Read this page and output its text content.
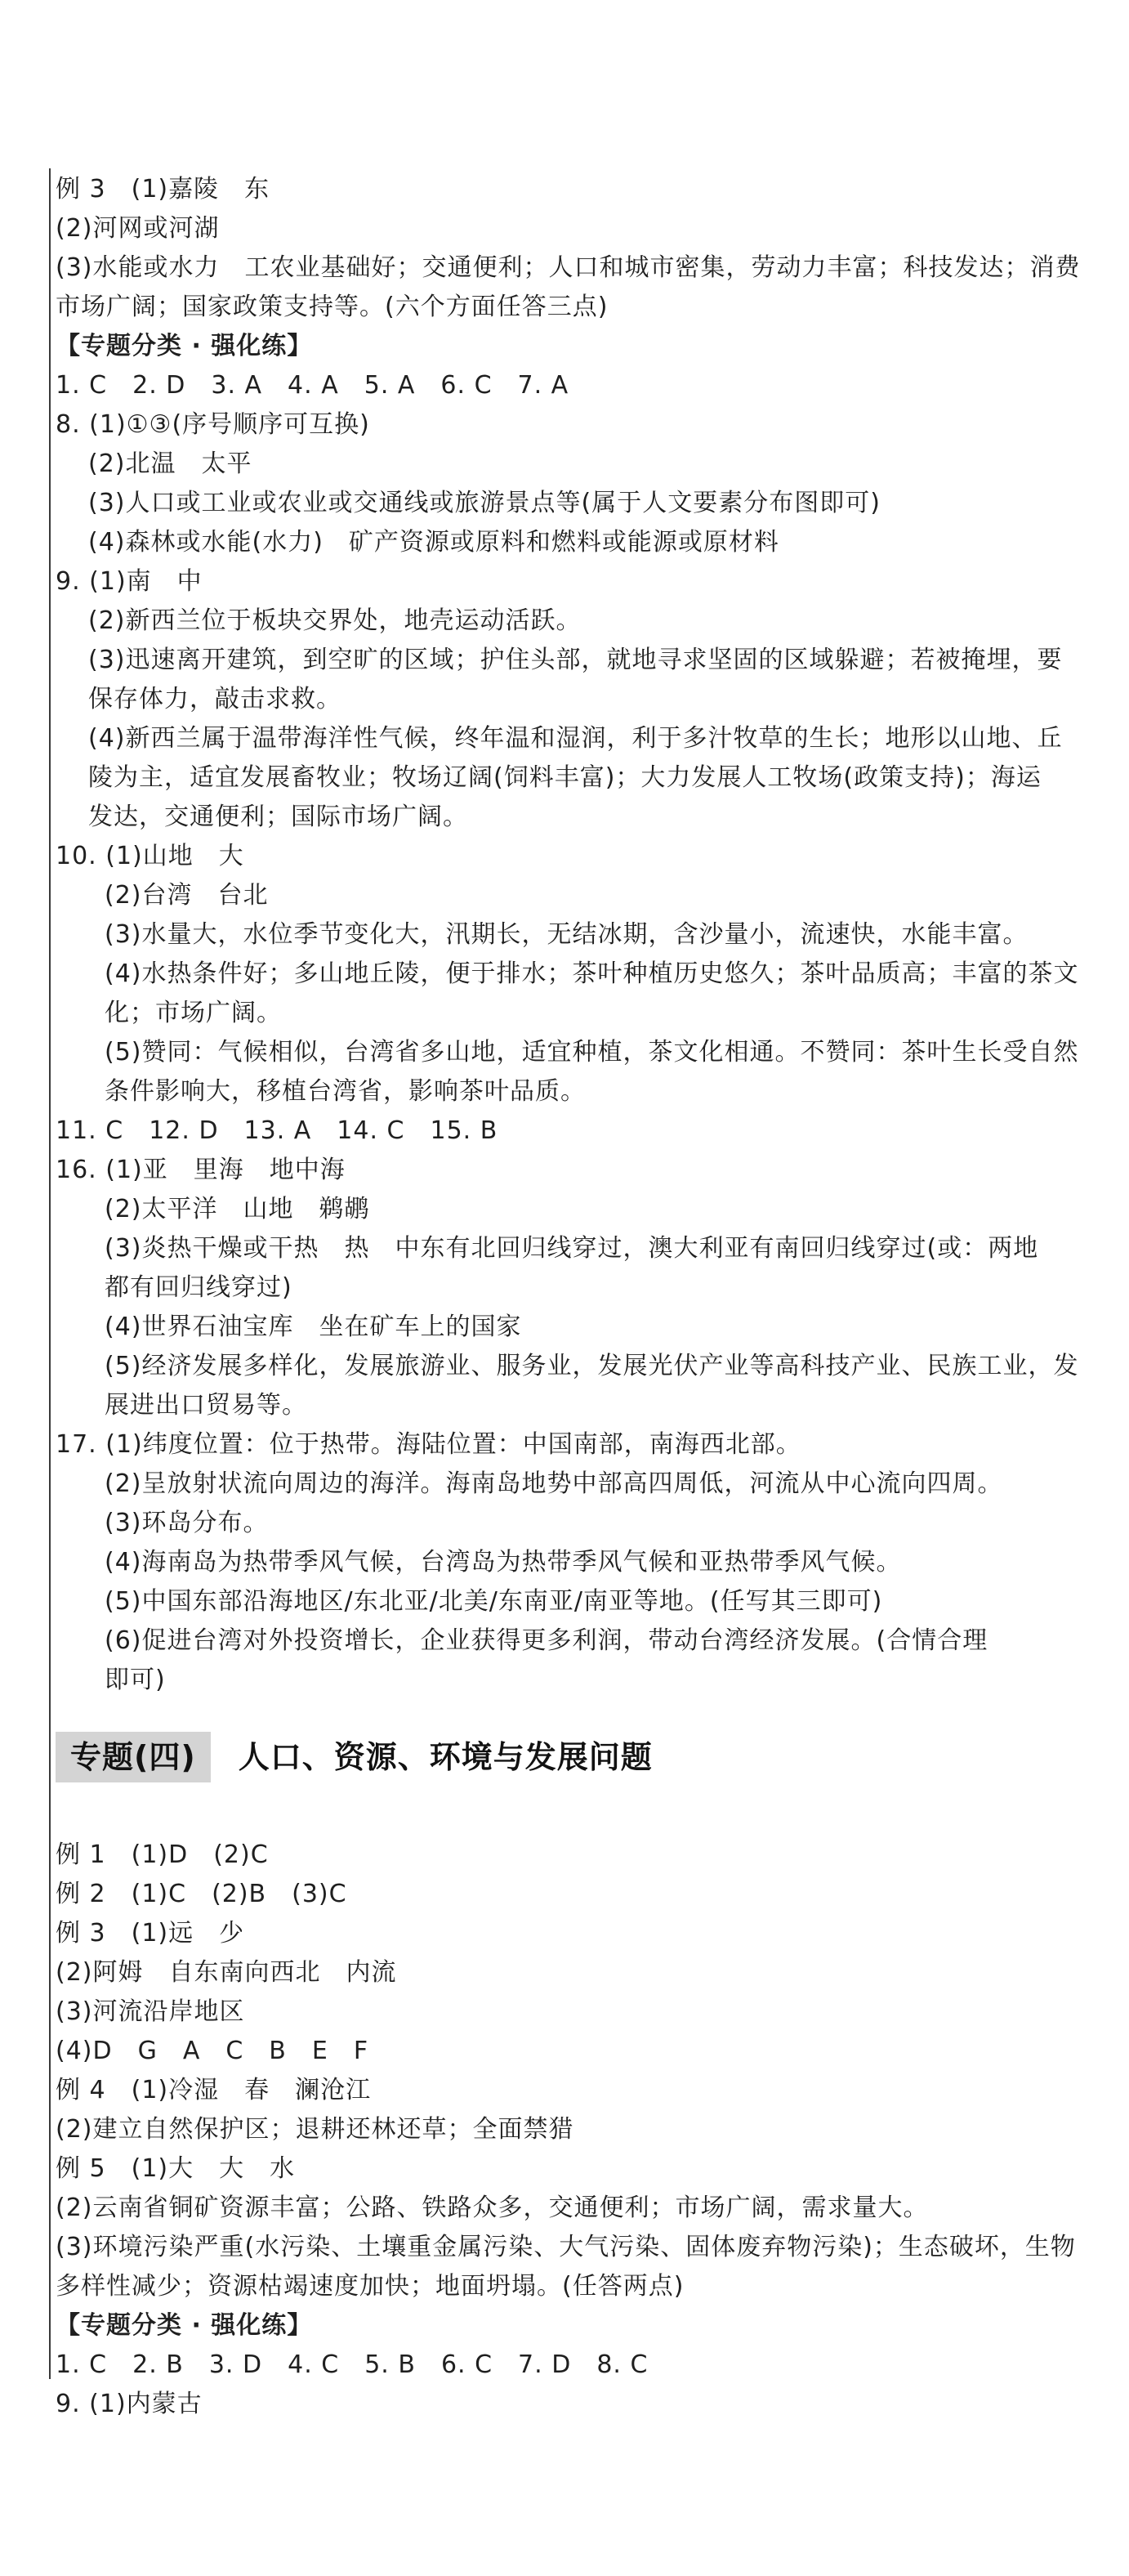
例 3　(1)嘉陵　东
(2)河网或河湖
(3)水能或水力　工农业基础好；交通便利；人口和城市密集，劳动力丰富；科技发达；消费
市场广阔；国家政策支持等。(六个方面任答三点)
【专题分类 · 强化练】
1. C　2. D　3. A　4. A　5. A　6. C　7. A
8. (1)①③(序号顺序可互换)
(2)北温　太平
(3)人口或工业或农业或交通线或旅游景点等(属于人文要素分布图即可)
(4)森林或水能(水力)　矿产资源或原料和燃料或能源或原材料
9. (1)南　中
(2)新西兰位于板块交界处，地壳运动活跃。
(3)迅速离开建筑，到空旷的区域；护住头部，就地寻求坚固的区域躲避；若被掩埋，要
保存体力，敲击求救。
(4)新西兰属于温带海洋性气候，终年温和湿润，利于多汁牧草的生长；地形以山地、丘
陵为主，适宜发展畜牧业；牧场辽阔(饲料丰富)；大力发展人工牧场(政策支持)；海运
发达，交通便利；国际市场广阔。
10. (1)山地　大
(2)台湾　台北
(3)水量大，水位季节变化大，汛期长，无结冰期，含沙量小，流速快，水能丰富。
(4)水热条件好；多山地丘陵，便于排水；茶叶种植历史悠久；茶叶品质高；丰富的茶文
化；市场广阔。
(5)赞同：气候相似，台湾省多山地，适宜种植，茶文化相通。不赞同：茶叶生长受自然
条件影响大，移植台湾省，影响茶叶品质。
11. C　12. D　13. A　14. C　15. B
16. (1)亚　里海　地中海
(2)太平洋　山地　鹈鹕
(3)炎热干燥或干热　热　中东有北回归线穿过，澳大利亚有南回归线穿过(或：两地
都有回归线穿过)
(4)世界石油宝库　坐在矿车上的国家
(5)经济发展多样化，发展旅游业、服务业，发展光伏产业等高科技产业、民族工业，发
展进出口贸易等。
17. (1)纬度位置：位于热带。海陆位置：中国南部，南海西北部。
(2)呈放射状流向周边的海洋。海南岛地势中部高四周低，河流从中心流向四周。
(3)环岛分布。
(4)海南岛为热带季风气候，台湾岛为热带季风气候和亚热带季风气候。
(5)中国东部沿海地区/东北亚/北美/东南亚/南亚等地。(任写其三即可)
(6)促进台湾对外投资增长，企业获得更多利润，带动台湾经济发展。(合情合理
即可)
专题(四)	人口、资源、环境与发展问题
例 1　(1)D　(2)C
例 2　(1)C　(2)B　(3)C
例 3　(1)远　少
(2)阿姆　自东南向西北　内流
(3)河流沿岸地区
(4)D　G　A　C　B　E　F
例 4　(1)冷湿　春　澜沧江
(2)建立自然保护区；退耕还林还草；全面禁猎
例 5　(1)大　大　水
(2)云南省铜矿资源丰富；公路、铁路众多，交通便利；市场广阔，需求量大。
(3)环境污染严重(水污染、土壤重金属污染、大气污染、固体废弃物污染)；生态破坏，生物
多样性减少；资源枯竭速度加快；地面坍塌。(任答两点)
【专题分类 · 强化练】
1. C　2. B　3. D　4. C　5. B　6. C　7. D　8. C
9. (1)内蒙古
